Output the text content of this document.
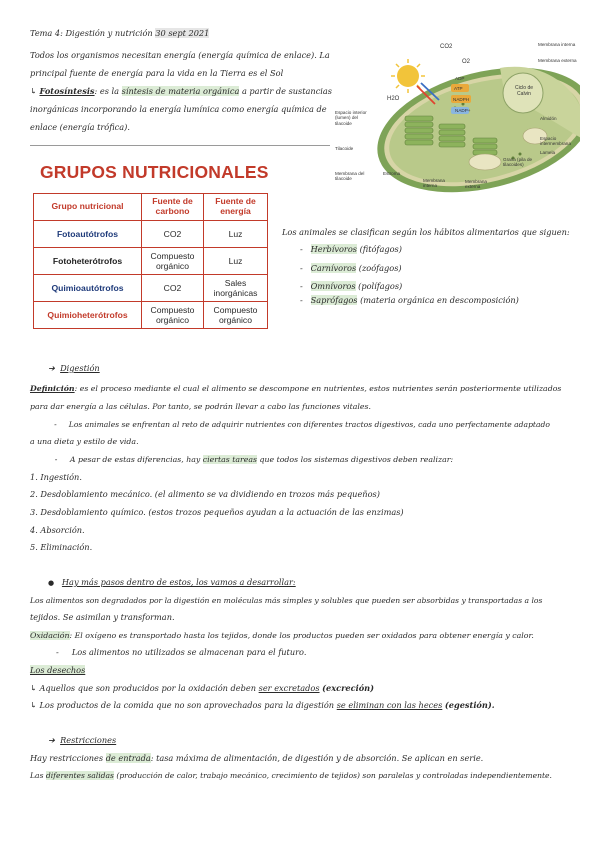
Tema 4: Digestión y nutrición 30 sept 2021
Todos los organismos necesitan energía (energía química de enlace). La
principal fuente de energía para la vida en la Tierra es el Sol
↳ Fotosíntesis: es la síntesis de materia orgánica a partir de sustancias
inorgánicas incorporando la energía lumínica como energía química de
enlace (energía trófica).
CO2
O2
H2O
ATP
NADPH
ADP
NADP+
Ciclo de Calvin
Membrana interna
Membrana externa
Almidón
Espacio intermembrana
Espacio interior (lumen) del tilacoide
Tilacoide
Membrana del tilacoide
Estroma
Membrana interna
Membrana externa
Grana (pila de tilacoides)
Lamela
GRUPOS NUTRICIONALES
Grupo nutricional	Fuente de carbono	Fuente de energía
Fotoautótrofos	CO2	Luz
Fotoheterótrofos	Compuesto orgánico	Luz
Quimioautótrofos	CO2	Sales inorgánicas
Quimioheterótrofos	Compuesto orgánico	Compuesto orgánico
Los animales se clasifican según los hábitos alimentarios que siguen:
- Herbívoros (fitófagos)
- Carnívoros (zoófagos)
- Omnívoros (polífagos)
- Saprófagos (materia orgánica en descomposición)
➔ Digestión
Definición: es el proceso mediante el cual el alimento se descompone en nutrientes, estos nutrientes serán posteriormente utilizados
para dar energía a las células. Por tanto, se podrán llevar a cabo las funciones vitales.
- Los animales se enfrentan al reto de adquirir nutrientes con diferentes tractos digestivos, cada uno perfectamente adaptado
a una dieta y estilo de vida.
- A pesar de estas diferencias, hay ciertas tareas que todos los sistemas digestivos deben realizar:
1. Ingestión.
2. Desdoblamiento mecánico. (el alimento se va dividiendo en trozos más pequeños)
3. Desdoblamiento químico. (estos trozos pequeños ayudan a la actuación de las enzimas)
4. Absorción.
5. Eliminación.
● Hay más pasos dentro de estos, los vamos a desarrollar:
Los alimentos son degradados por la digestión en moléculas más simples y solubles que pueden ser absorbidas y transportadas a los
tejidos. Se asimilan y transforman.
Oxidación: El oxígeno es transportado hasta los tejidos, donde los productos pueden ser oxidados para obtener energía y calor.
- Los alimentos no utilizados se almacenan para el futuro.
Los desechos
↳ Aquellos que son producidos por la oxidación deben ser excretados (excreción)
↳ Los productos de la comida que no son aprovechados para la digestión se eliminan con las heces (egestión).
➔ Restricciones
Hay restricciones de entrada: tasa máxima de alimentación, de digestión y de absorción. Se aplican en serie.
Las diferentes salidas (producción de calor, trabajo mecánico, crecimiento de tejidos) son paralelas y controladas independientemente.
